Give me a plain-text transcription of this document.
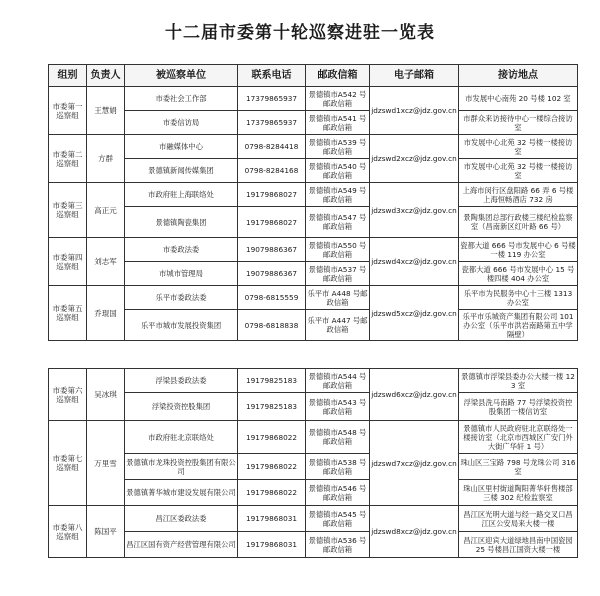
十二届市委第十轮巡察进驻一览表
组别	负责人	被巡察单位	联系电话	邮政信箱	电子邮箱	接访地点
市委第一巡察组	王慧娟	市委社会工作部	17379865937	景德镇市A542 号邮政信箱	jdzswd1xcz@jdz.gov.cn	市发展中心南苑 20 号楼 102 室
		市委信访局	17379865937	景德镇市A541 号邮政信箱		市群众来访接待中心一楼综合接访室
市委第二巡察组	方群	市融媒体中心	0798-8284418	景德镇市A539 号邮政信箱	jdzswd2xcz@jdz.gov.cn	市发展中心北苑 32 号楼一楼接访室
		景德镇新闻传媒集团	0798-8284168	景德镇市A540 号邮政信箱		市发展中心北苑 32 号楼一楼接访室
市委第三巡察组	高正元	市政府驻上海联络处	19179868027	景德镇市A549 号邮政信箱	jdzswd3xcz@jdz.gov.cn	上海市闵行区盘阳路 66 弄 6 号楼上海恒畅酒店 732 房
		景德镇陶瓷集团	19179868027	景德镇市A547 号邮政信箱		景陶集团总部行政楼三楼纪检监察室（昌南新区红叶路 66 号）
市委第四巡察组	刘志军	市委政法委	19079886367	景德镇市A550 号邮政信箱	jdzswd4xcz@jdz.gov.cn	瓷都大道 666 号市发展中心 6 号楼一楼 119 办公室
		市城市管理局	19079886367	景德镇市A537 号邮政信箱		瓷都大道 666 号市发展中心 15 号楼四楼 404 办公室
市委第五巡察组	乔琨国	乐平市委政法委	0798-6815559	乐平市 A448 号邮政信箱	jdzswd5xcz@jdz.gov.cn	乐平市为民服务中心十三楼 1313 办公室
		乐平市城市发展投资集团	0798-6818838	乐平市 A447 号邮政信箱		乐平市乐城资产集团有限公司 101 办公室（乐平市洪岩南路第五中学隔壁）
市委第六巡察组	吴冰琪	浮梁县委政法委	19179825183	景德镇市A544 号邮政信箱	jdzswd6xcz@jdz.gov.cn	景德镇市浮梁县委办公大楼一楼 123 室
		浮梁投资控股集团	19179825183	景德镇市A543 号邮政信箱		浮梁县洗马南路 77 号浮梁投资控股集团一楼信访室
市委第七巡察组	万里雪	市政府驻北京联络处	19179868022	景德镇市A548 号邮政信箱	jdzswd7xcz@jdz.gov.cn	景德镇市人民政府驻北京联络处一楼接访室（北京市西城区广安门外大街广华轩 1 号）
		景德镇市龙珠投资控股集团有限公司	19179868022	景德镇市A538 号邮政信箱		珠山区三宝路 798 号龙珠公司 316 室
		景德镇菁华城市建设发展有限公司	19179868022	景德镇市A546 号邮政信箱		珠山区里村街道陶阳菁华轩售楼部三楼 302 纪检监察室
市委第八巡察组	陈国平	昌江区委政法委	19179868031	景德镇市A545 号邮政信箱	jdzswd8xcz@jdz.gov.cn	昌江区光明大道与经一路交叉口昌江区公安局来大楼一楼
		昌江区国有资产经营管理有限公司	19179868031	景德镇市A536 号邮政信箱		昌江区迎宾大道绿地昌南中国瓷园 25 号楼昌江国资大楼一楼
